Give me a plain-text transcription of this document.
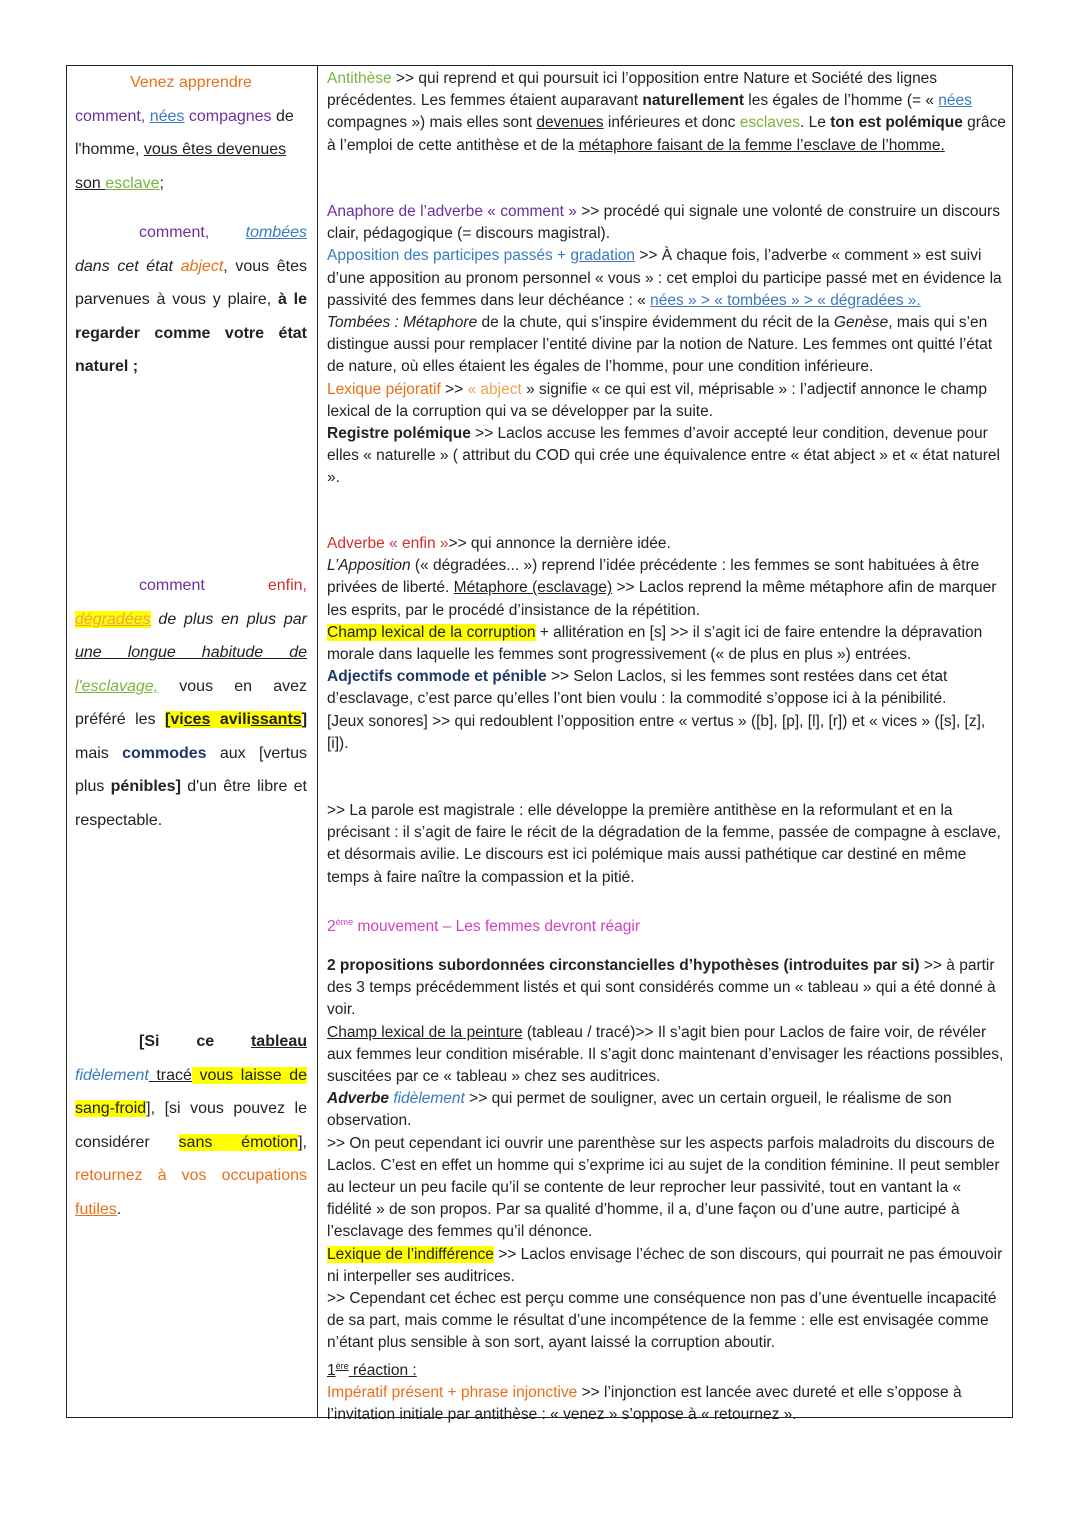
Venez apprendre
comment, nées compagnes de
l'homme, vous êtes devenues
son esclave;
comment, tombées
dans cet état abject, vous êtes
parvenues à vous y plaire, à le
regarder comme votre état
naturel ;
comment	enfin,
dégradées de plus en plus par
une longue habitude de
l'esclavage, vous en avez
préféré les [vices avilissants]
mais commodes aux [vertus
plus pénibles] d'un être libre et
respectable.
[Si ce tableau
fidèlement tracé vous laisse de
sang-froid], [si vous pouvez le
considérer sans émotion],
retournez à vos occupations
futiles.

Antithèse >> qui reprend et qui poursuit ici l’opposition entre Nature et Société des lignes précédentes. Les femmes étaient auparavant naturellement les égales de l’homme (= « nées compagnes ») mais elles sont devenues inférieures et donc esclaves. Le ton est polémique grâce à l’emploi de cette antithèse et de la métaphore faisant de la femme l’esclave de l’homme.

Anaphore de l’adverbe « comment » >> procédé qui signale une volonté de construire un discours clair, pédagogique (= discours magistral).

Apposition des participes passés + gradation >> À chaque fois, l’adverbe « comment » est suivi d’une apposition au pronom personnel « vous » : cet emploi du participe passé met en évidence la passivité des femmes dans leur déchéance : « nées » > « tombées » > « dégradées ».

Tombées : Métaphore de la chute, qui s’inspire évidemment du récit de la Genèse, mais qui s’en distingue aussi pour remplacer l’entité divine par la notion de Nature. Les femmes ont quitté l’état de nature, où elles étaient les égales de l’homme, pour une condition inférieure.

Lexique péjoratif >> « abject » signifie « ce qui est vil, méprisable » : l’adjectif annonce le champ lexical de la corruption qui va se développer par la suite.

Registre polémique >> Laclos accuse les femmes d’avoir accepté leur condition, devenue pour elles « naturelle » ( attribut du COD qui crée une équivalence entre « état abject » et « état naturel ».

Adverbe « enfin »>> qui annonce la dernière idée.

L’Apposition (« dégradées... ») reprend l’idée précédente : les femmes se sont habituées à être privées de liberté. Métaphore (esclavage) >> Laclos reprend la même métaphore afin de marquer les esprits, par le procédé d’insistance de la répétition.

Champ lexical de la corruption + allitération en [s] >> il s’agit ici de faire entendre la dépravation morale dans laquelle les femmes sont progressivement (« de plus en plus ») entrées.

Adjectifs commode et pénible >> Selon Laclos, si les femmes sont restées dans cet état d’esclavage, c’est parce qu’elles l’ont bien voulu : la commodité s’oppose ici à la pénibilité.

[Jeux sonores] >> qui redoublent l’opposition entre « vertus » ([b], [p], [l], [r]) et « vices » ([s], [z], [i]).

>> La parole est magistrale : elle développe la première antithèse en la reformulant et en la précisant : il s’agit de faire le récit de la dégradation de la femme, passée de compagne à esclave, et désormais avilie. Le discours est ici polémique mais aussi pathétique car destiné en même temps à faire naître la compassion et la pitié.

2ème mouvement – Les femmes devront réagir

2 propositions subordonnées circonstancielles d’hypothèses (introduites par si) >> à partir des 3 temps précédemment listés et qui sont considérés comme un « tableau » qui a été donné à voir.

Champ lexical de la peinture (tableau / tracé)>> Il s’agit bien pour Laclos de faire voir, de révéler aux femmes leur condition misérable. Il s’agit donc maintenant d’envisager les réactions possibles, suscitées par ce « tableau » chez ses auditrices.

Adverbe fidèlement >> qui permet de souligner, avec un certain orgueil, le réalisme de son observation.

>> On peut cependant ici ouvrir une parenthèse sur les aspects parfois maladroits du discours de Laclos. C’est en effet un homme qui s’exprime ici au sujet de la condition féminine. Il peut sembler au lecteur un peu facile qu’il se contente de leur reprocher leur passivité, tout en vantant la « fidélité » de son propos. Par sa qualité d’homme, il a, d’une façon ou d’une autre, participé à l’esclavage des femmes qu’il dénonce.

Lexique de l’indifférence >> Laclos envisage l’échec de son discours, qui pourrait ne pas émouvoir ni interpeller ses auditrices.

>> Cependant cet échec est perçu comme une conséquence non pas d’une éventuelle incapacité de sa part, mais comme le résultat d’une incompétence de la femme : elle est envisagée comme n’étant plus sensible à son sort, ayant laissé la corruption aboutir.

1ère réaction :

Impératif présent + phrase injonctive >> l’injonction est lancée avec dureté et elle s’oppose à l’invitation initiale par antithèse : « venez » s’oppose à « retournez ».
